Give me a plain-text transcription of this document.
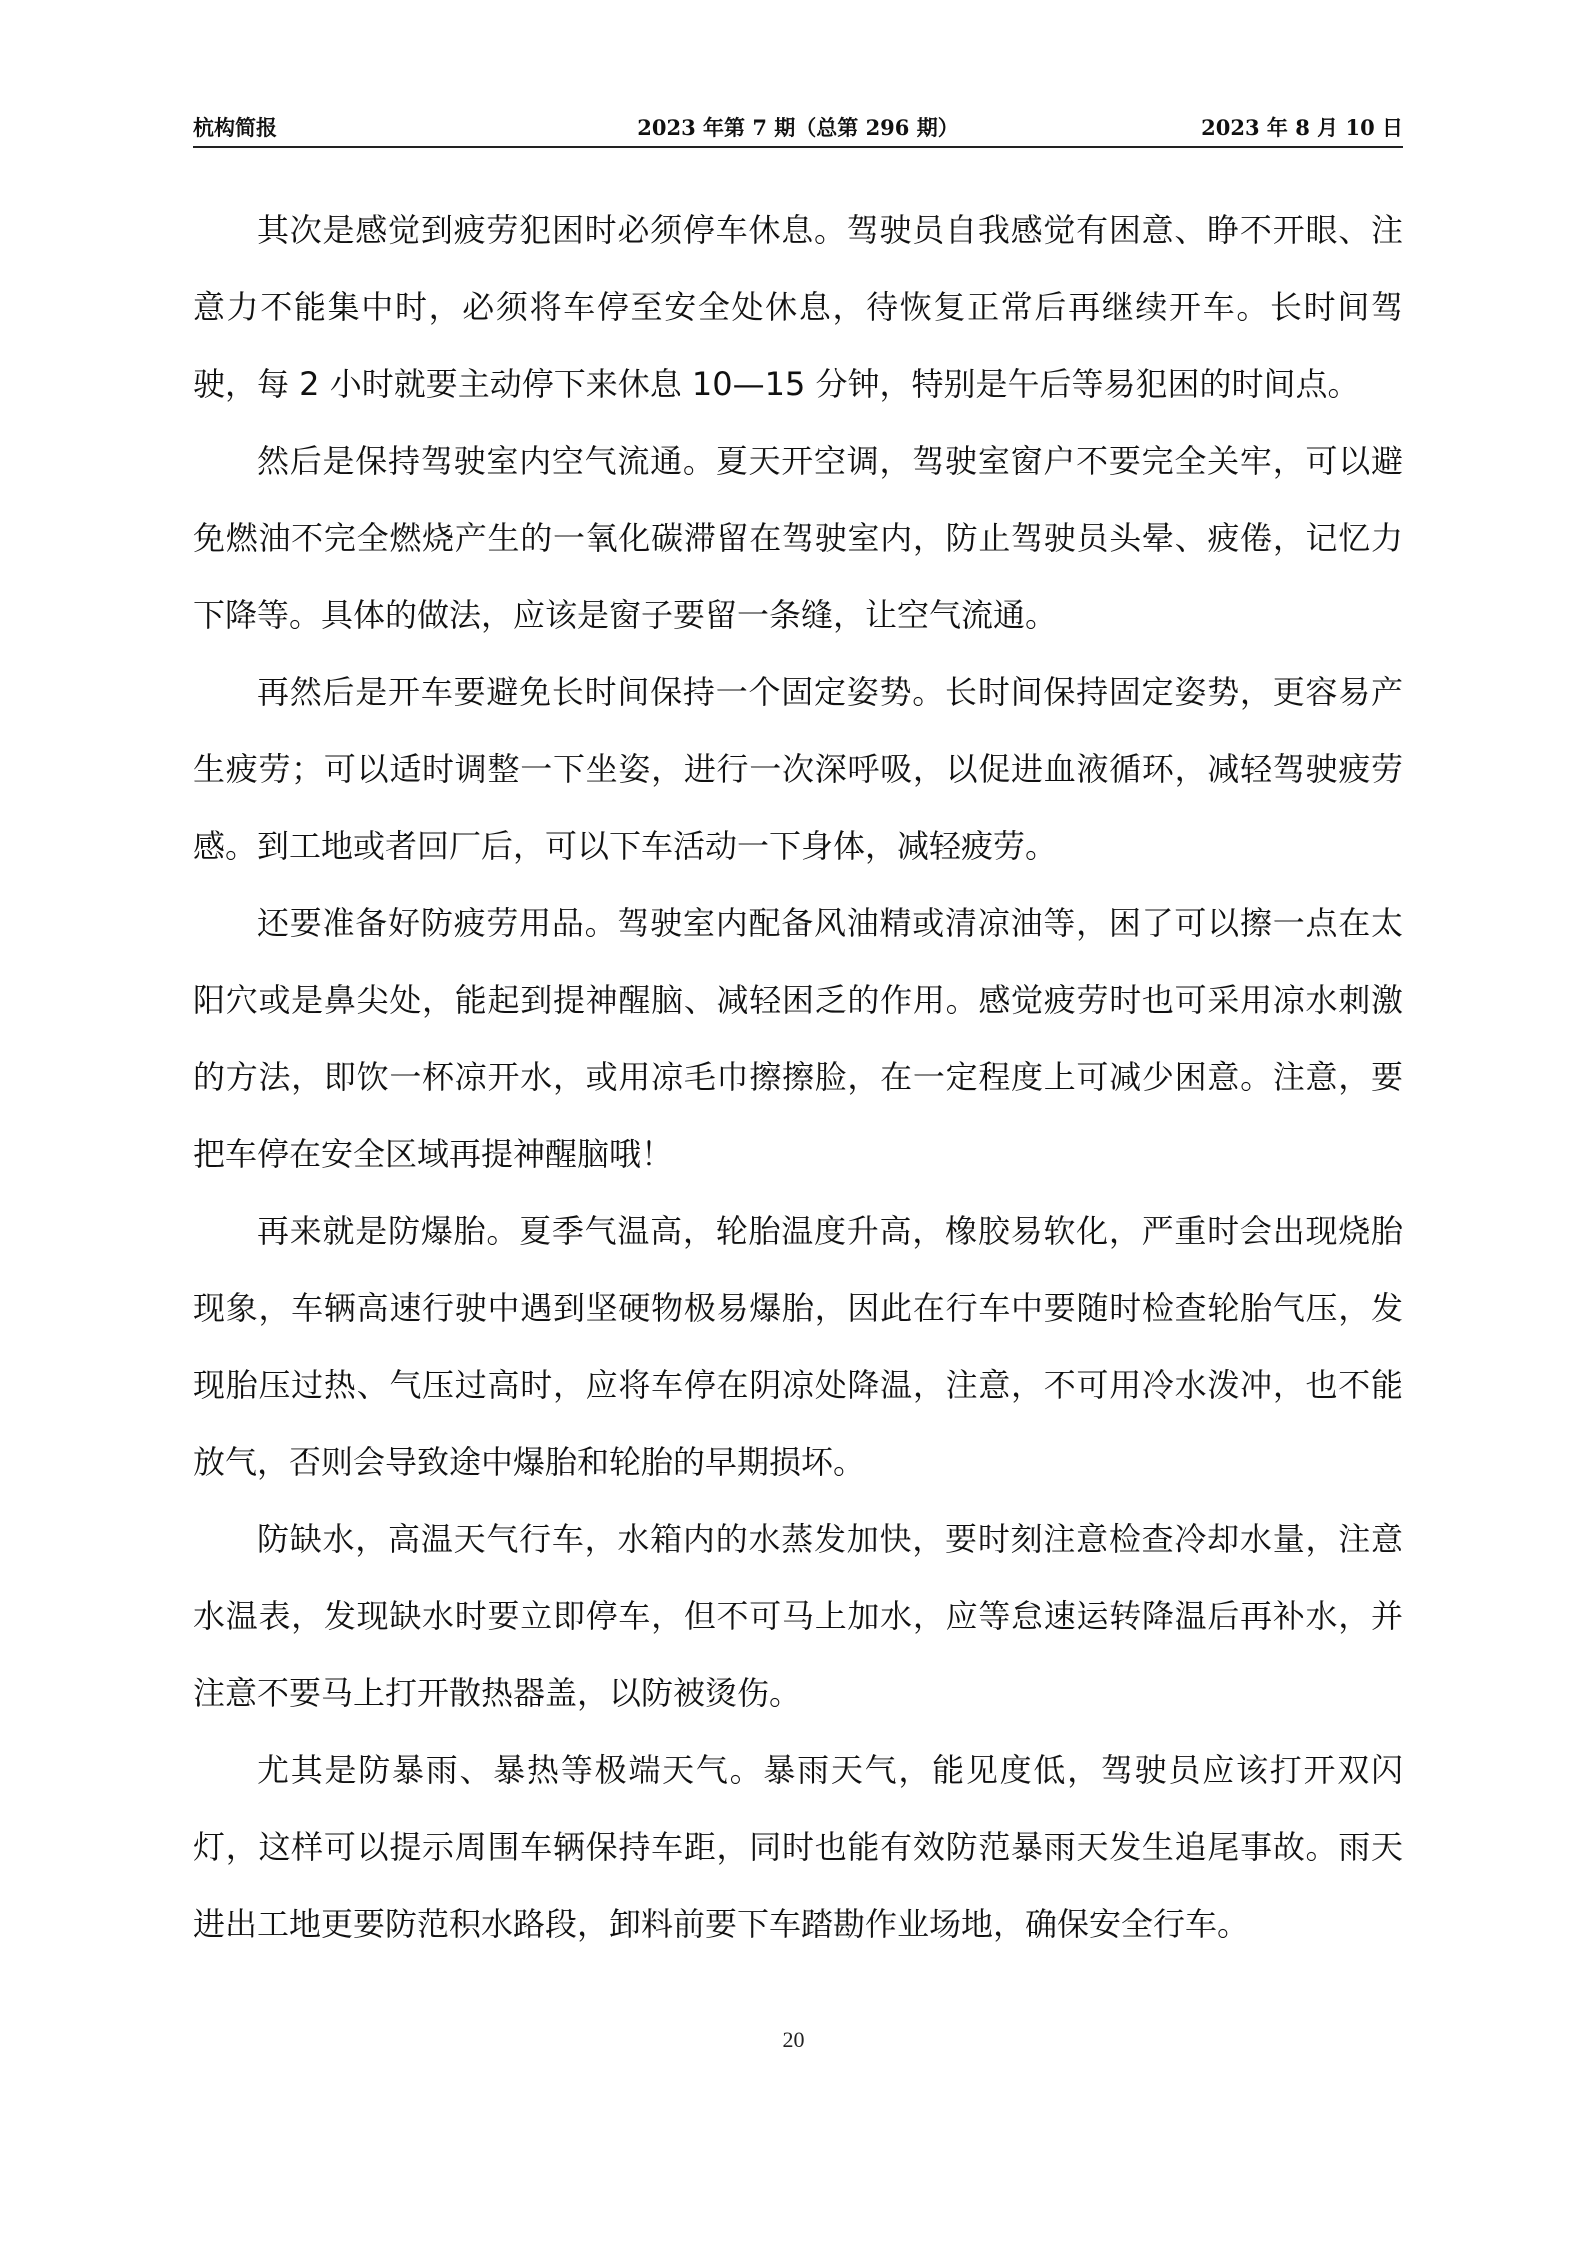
杭构简报	2023 年第 7 期（总第 296 期）	2023 年 8 月 10 日

其次是感觉到疲劳犯困时必须停车休息。驾驶员自我感觉有困意、睁不开眼、注意力不能集中时，必须将车停至安全处休息，待恢复正常后再继续开车。长时间驾驶，每 2 小时就要主动停下来休息 10—15 分钟，特别是午后等易犯困的时间点。

然后是保持驾驶室内空气流通。夏天开空调，驾驶室窗户不要完全关牢，可以避免燃油不完全燃烧产生的一氧化碳滞留在驾驶室内，防止驾驶员头晕、疲倦，记忆力下降等。具体的做法，应该是窗子要留一条缝，让空气流通。

再然后是开车要避免长时间保持一个固定姿势。长时间保持固定姿势，更容易产生疲劳；可以适时调整一下坐姿，进行一次深呼吸，以促进血液循环，减轻驾驶疲劳感。到工地或者回厂后，可以下车活动一下身体，减轻疲劳。

还要准备好防疲劳用品。驾驶室内配备风油精或清凉油等，困了可以擦一点在太阳穴或是鼻尖处，能起到提神醒脑、减轻困乏的作用。感觉疲劳时也可采用凉水刺激的方法，即饮一杯凉开水，或用凉毛巾擦擦脸，在一定程度上可减少困意。注意，要把车停在安全区域再提神醒脑哦！

再来就是防爆胎。夏季气温高，轮胎温度升高，橡胶易软化，严重时会出现烧胎现象，车辆高速行驶中遇到坚硬物极易爆胎，因此在行车中要随时检查轮胎气压，发现胎压过热、气压过高时，应将车停在阴凉处降温，注意，不可用冷水泼冲，也不能放气，否则会导致途中爆胎和轮胎的早期损坏。

防缺水，高温天气行车，水箱内的水蒸发加快，要时刻注意检查冷却水量，注意水温表，发现缺水时要立即停车，但不可马上加水，应等怠速运转降温后再补水，并注意不要马上打开散热器盖，以防被烫伤。

尤其是防暴雨、暴热等极端天气。暴雨天气，能见度低，驾驶员应该打开双闪灯，这样可以提示周围车辆保持车距，同时也能有效防范暴雨天发生追尾事故。雨天进出工地更要防范积水路段，卸料前要下车踏勘作业场地，确保安全行车。

20
